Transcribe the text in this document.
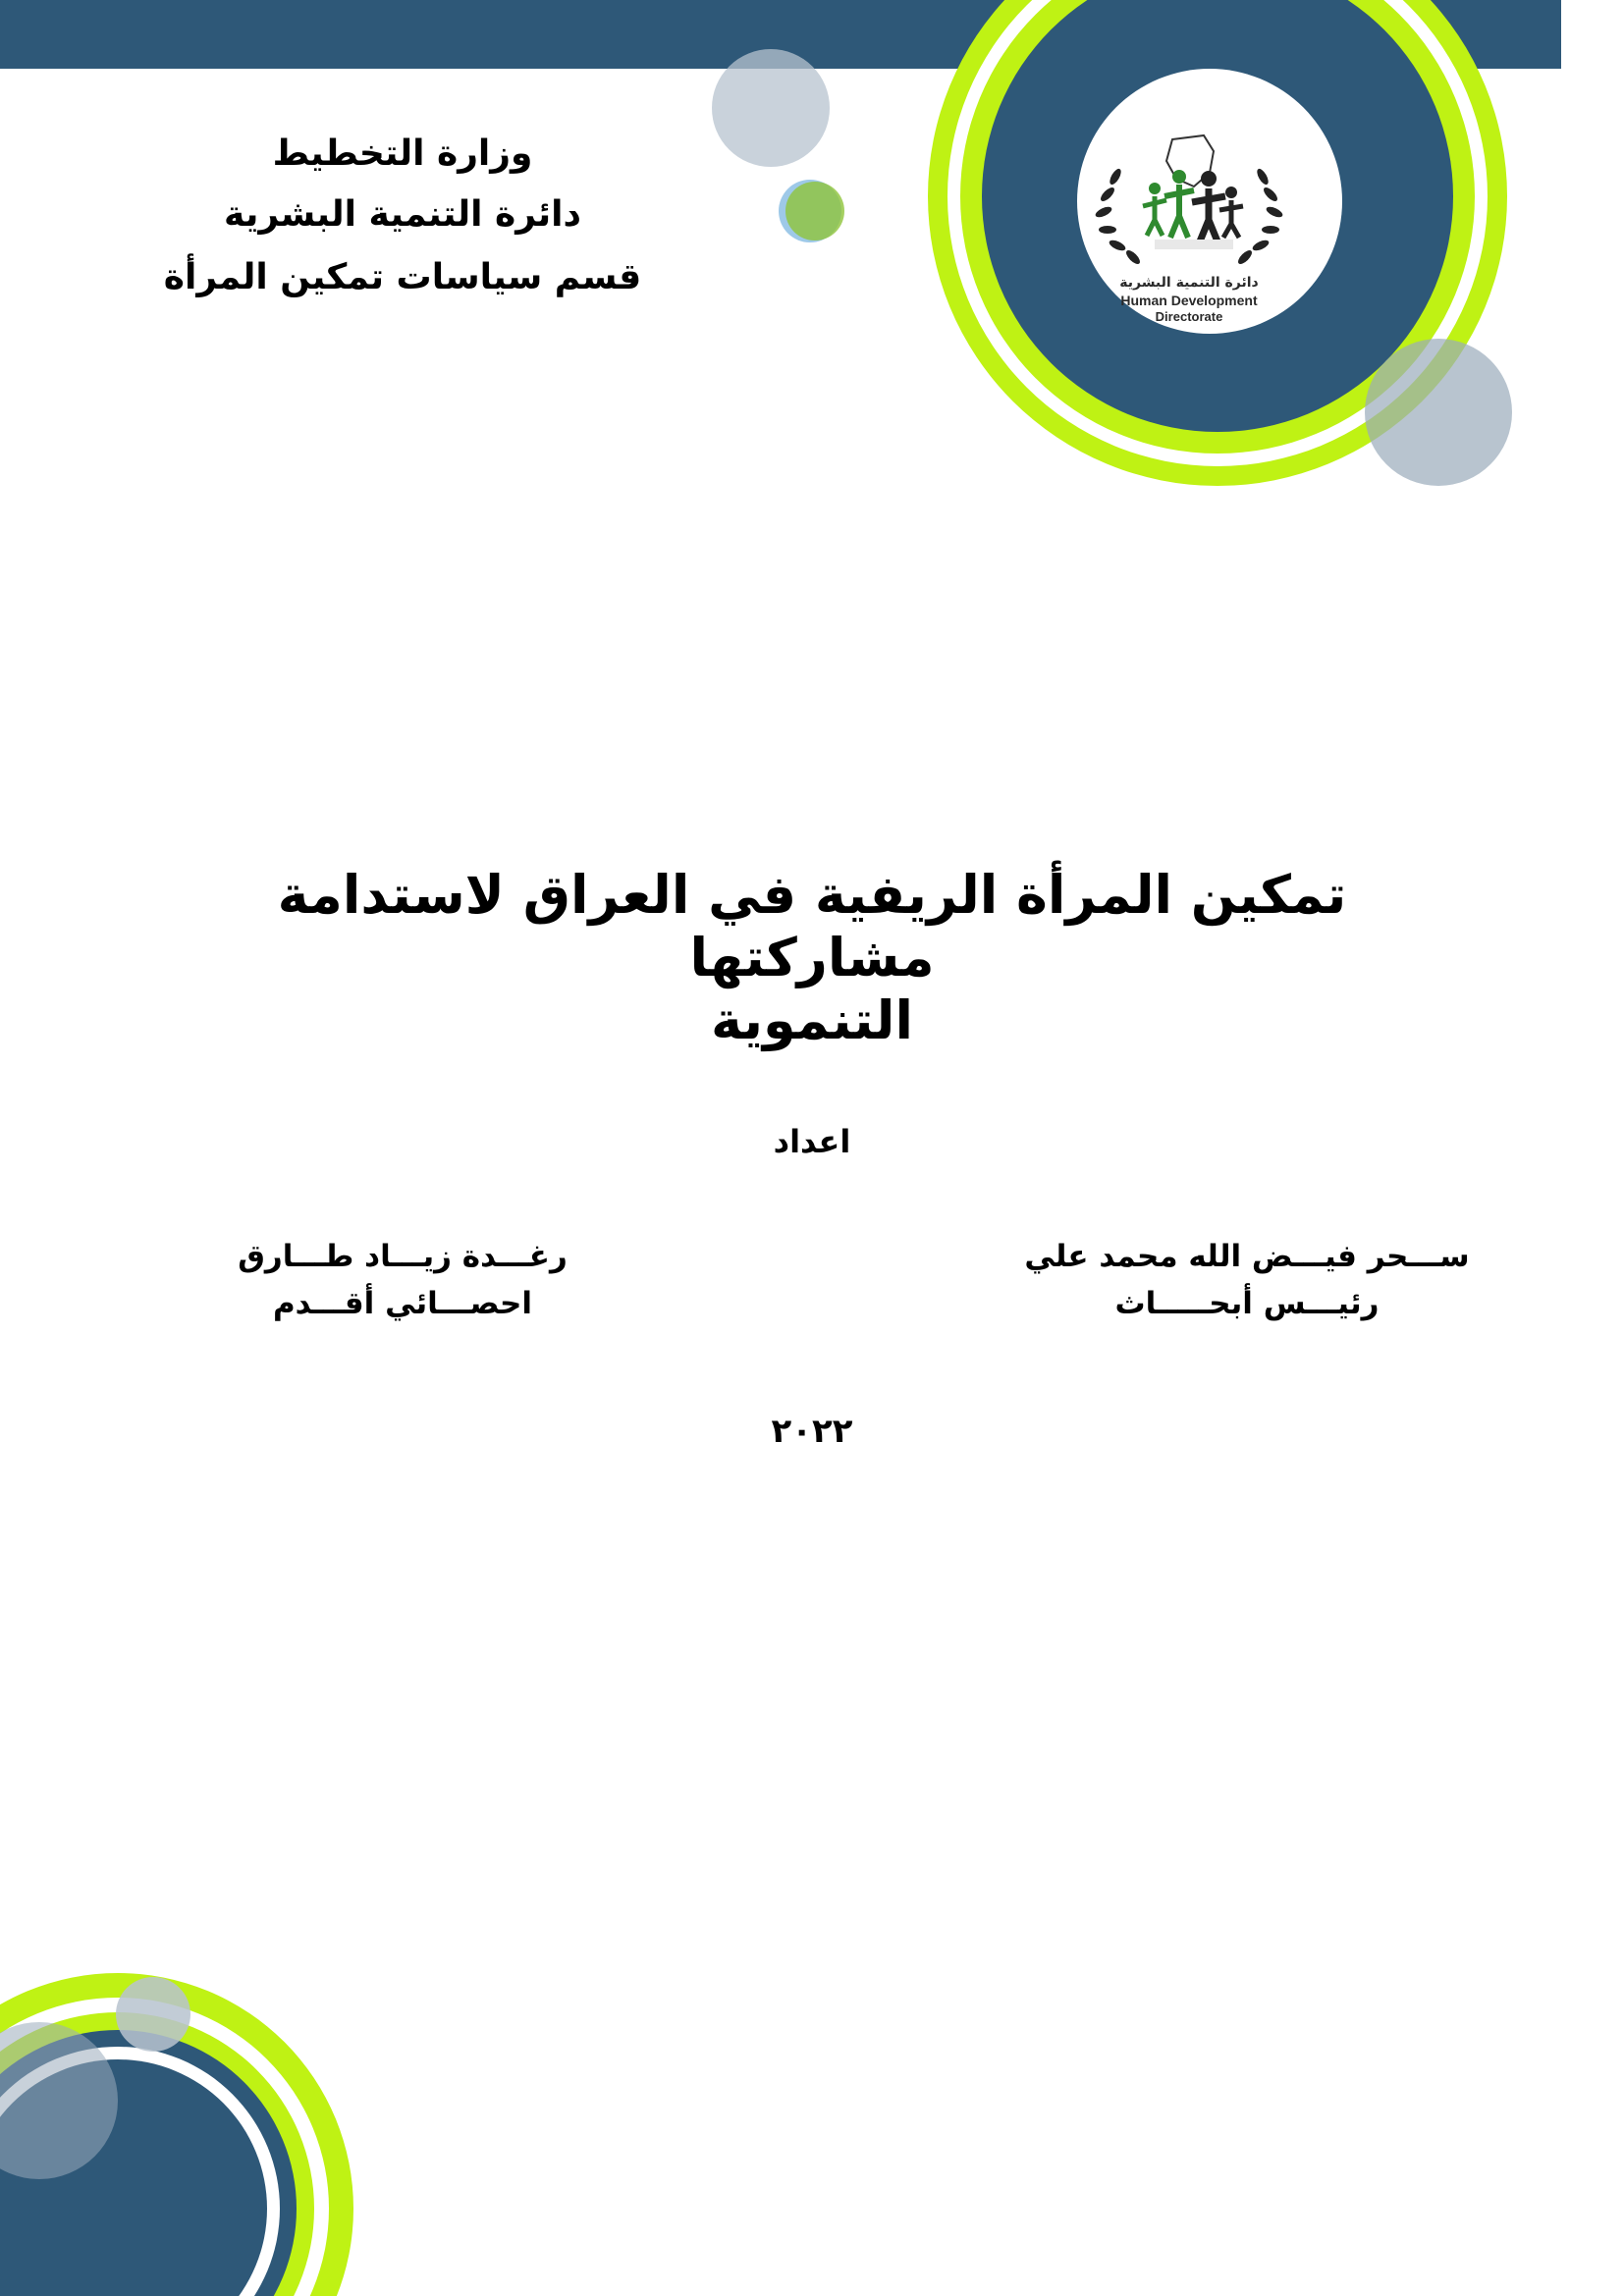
دائرة التنمية البشرية
Human Development
Directorate
وزارة التخطيط
دائرة التنمية البشرية
قسم سياسات تمكين المرأة
تمكين المرأة الريفية في العراق لاستدامة مشاركتها
التنموية
اعداد
ســـحر فيـــض الله محمد علي
رئيـــس أبحـــــاث
رغـــدة زيـــاد طـــارق
احصـــائي أقـــدم
٢٠٢٢
